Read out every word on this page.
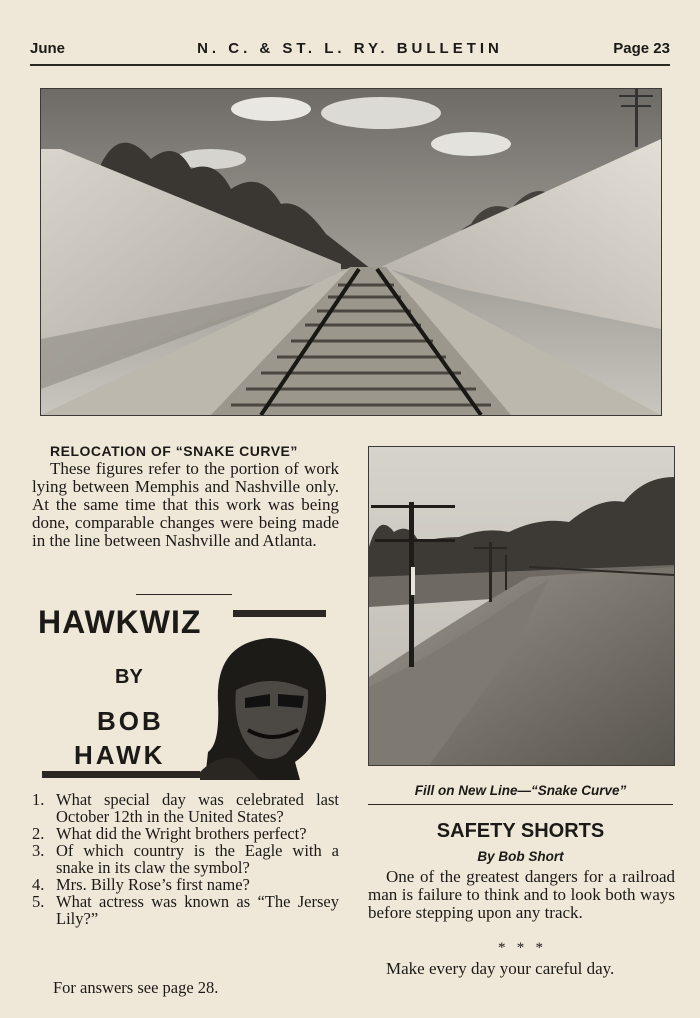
N. C. & ST. L. RY. BULLETIN
June	Page 23
RELOCATION OF “SNAKE CURVE”
These figures refer to the portion of work lying between Memphis and Nashville only. At the same time that this work was being done, comparable changes were being made in the line between Nashville and Atlanta.
HAWKWIZ
BY
BOB
HAWK
1. What special day was celebrated last October 12th in the United States?
2. What did the Wright brothers perfect?
3. Of which country is the Eagle with a snake in its claw the symbol?
4. Mrs. Billy Rose’s first name?
5. What actress was known as “The Jersey Lily?”
For answers see page 28.
Fill on New Line—“Snake Curve”
SAFETY SHORTS
By Bob Short
One of the greatest dangers for a railroad man is failure to think and to look both ways before stepping upon any track.
*   *   *
Make every day your careful day.
